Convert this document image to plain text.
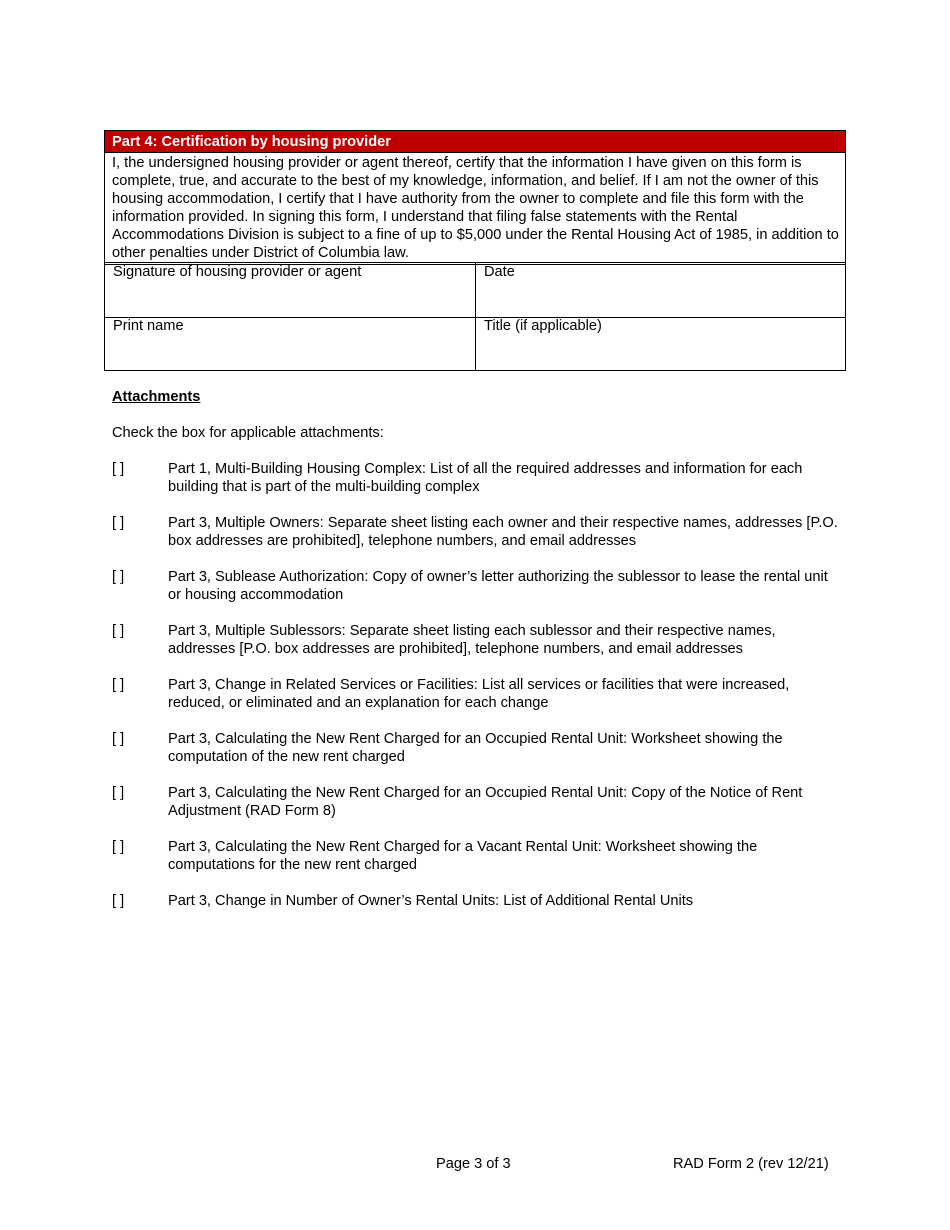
Part 4: Certification by housing provider
I, the undersigned housing provider or agent thereof, certify that the information I have given on this form is complete, true, and accurate to the best of my knowledge, information, and belief. If I am not the owner of this housing accommodation, I certify that I have authority from the owner to complete and file this form with the information provided. In signing this form, I understand that filing false statements with the Rental Accommodations Division is subject to a fine of up to $5,000 under the Rental Housing Act of 1985, in addition to other penalties under District of Columbia law.
Signature of housing provider or agent	Date
Print name	Title (if applicable)
Attachments
Check the box for applicable attachments:
[ ]	Part 1, Multi-Building Housing Complex: List of all the required addresses and information for each building that is part of the multi-building complex
[ ]	Part 3, Multiple Owners: Separate sheet listing each owner and their respective names, addresses [P.O. box addresses are prohibited], telephone numbers, and email addresses
[ ]	Part 3, Sublease Authorization: Copy of owner’s letter authorizing the sublessor to lease the rental unit or housing accommodation
[ ]	Part 3, Multiple Sublessors: Separate sheet listing each sublessor and their respective names, addresses [P.O. box addresses are prohibited], telephone numbers, and email addresses
[ ]	Part 3, Change in Related Services or Facilities: List all services or facilities that were increased, reduced, or eliminated and an explanation for each change
[ ]	Part 3, Calculating the New Rent Charged for an Occupied Rental Unit: Worksheet showing the computation of the new rent charged
[ ]	Part 3, Calculating the New Rent Charged for an Occupied Rental Unit: Copy of the Notice of Rent Adjustment (RAD Form 8)
[ ]	Part 3, Calculating the New Rent Charged for a Vacant Rental Unit: Worksheet showing the computations for the new rent charged
[ ]	Part 3, Change in Number of Owner’s Rental Units: List of Additional Rental Units
Page 3 of 3	RAD Form 2 (rev 12/21)
